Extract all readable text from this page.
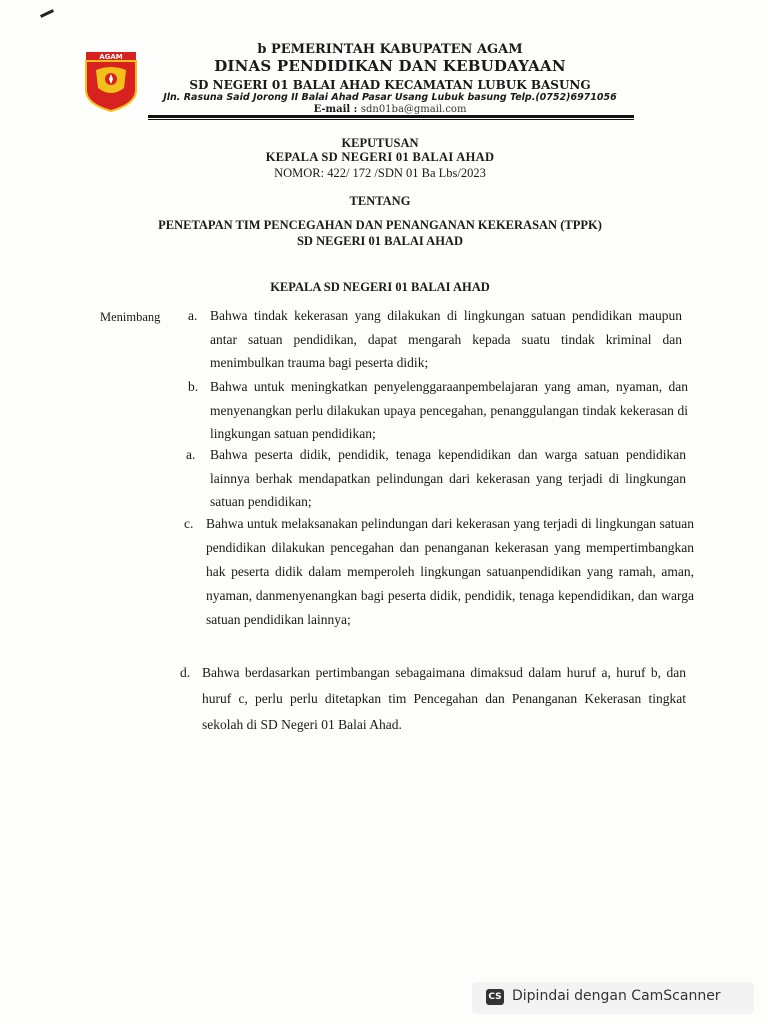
AGAM	b PEMERINTAH KABUPATEN AGAM
DINAS PENDIDIKAN DAN KEBUDAYAAN
SD NEGERI 01 BALAI AHAD KECAMATAN LUBUK BASUNG
Jln. Rasuna Said Jorong II Balai Ahad Pasar Usang Lubuk basung Telp.(0752)6971056
E-mail : sdn01ba@gmail.com
KEPUTUSAN
KEPALA SD NEGERI 01 BALAI AHAD
NOMOR: 422/ 172 /SDN 01 Ba Lbs/2023
TENTANG
PENETAPAN TIM PENCEGAHAN DAN PENANGANAN KEKERASAN (TPPK)
SD NEGERI 01 BALAI AHAD
KEPALA SD NEGERI 01 BALAI AHAD
Menimbang a. Bahwa tindak kekerasan yang dilakukan di lingkungan satuan pendidikan maupun antar satuan pendidikan, dapat mengarah kepada suatu tindak kriminal dan menimbulkan trauma bagi peserta didik;
b. Bahwa untuk meningkatkan penyelenggaraanpembelajaran yang aman, nyaman, dan menyenangkan perlu dilakukan upaya pencegahan, penanggulangan tindak kekerasan di lingkungan satuan pendidikan;
a. Bahwa peserta didik, pendidik, tenaga kependidikan dan warga satuan pendidikan lainnya berhak mendapatkan pelindungan dari kekerasan yang terjadi di lingkungan satuan pendidikan;
c. Bahwa untuk melaksanakan pelindungan dari kekerasan yang terjadi di lingkungan satuan pendidikan dilakukan pencegahan dan penanganan kekerasan yang mempertimbangkan hak peserta didik dalam memperoleh lingkungan satuanpendidikan yang ramah, aman, nyaman, danmenyenangkan bagi peserta didik, pendidik, tenaga kependidikan, dan warga satuan pendidikan lainnya;
d. Bahwa berdasarkan pertimbangan sebagaimana dimaksud dalam huruf a, huruf b, dan huruf c, perlu perlu ditetapkan tim Pencegahan dan Penanganan Kekerasan tingkat sekolah di SD Negeri 01 Balai Ahad.
CS Dipindai dengan CamScanner
